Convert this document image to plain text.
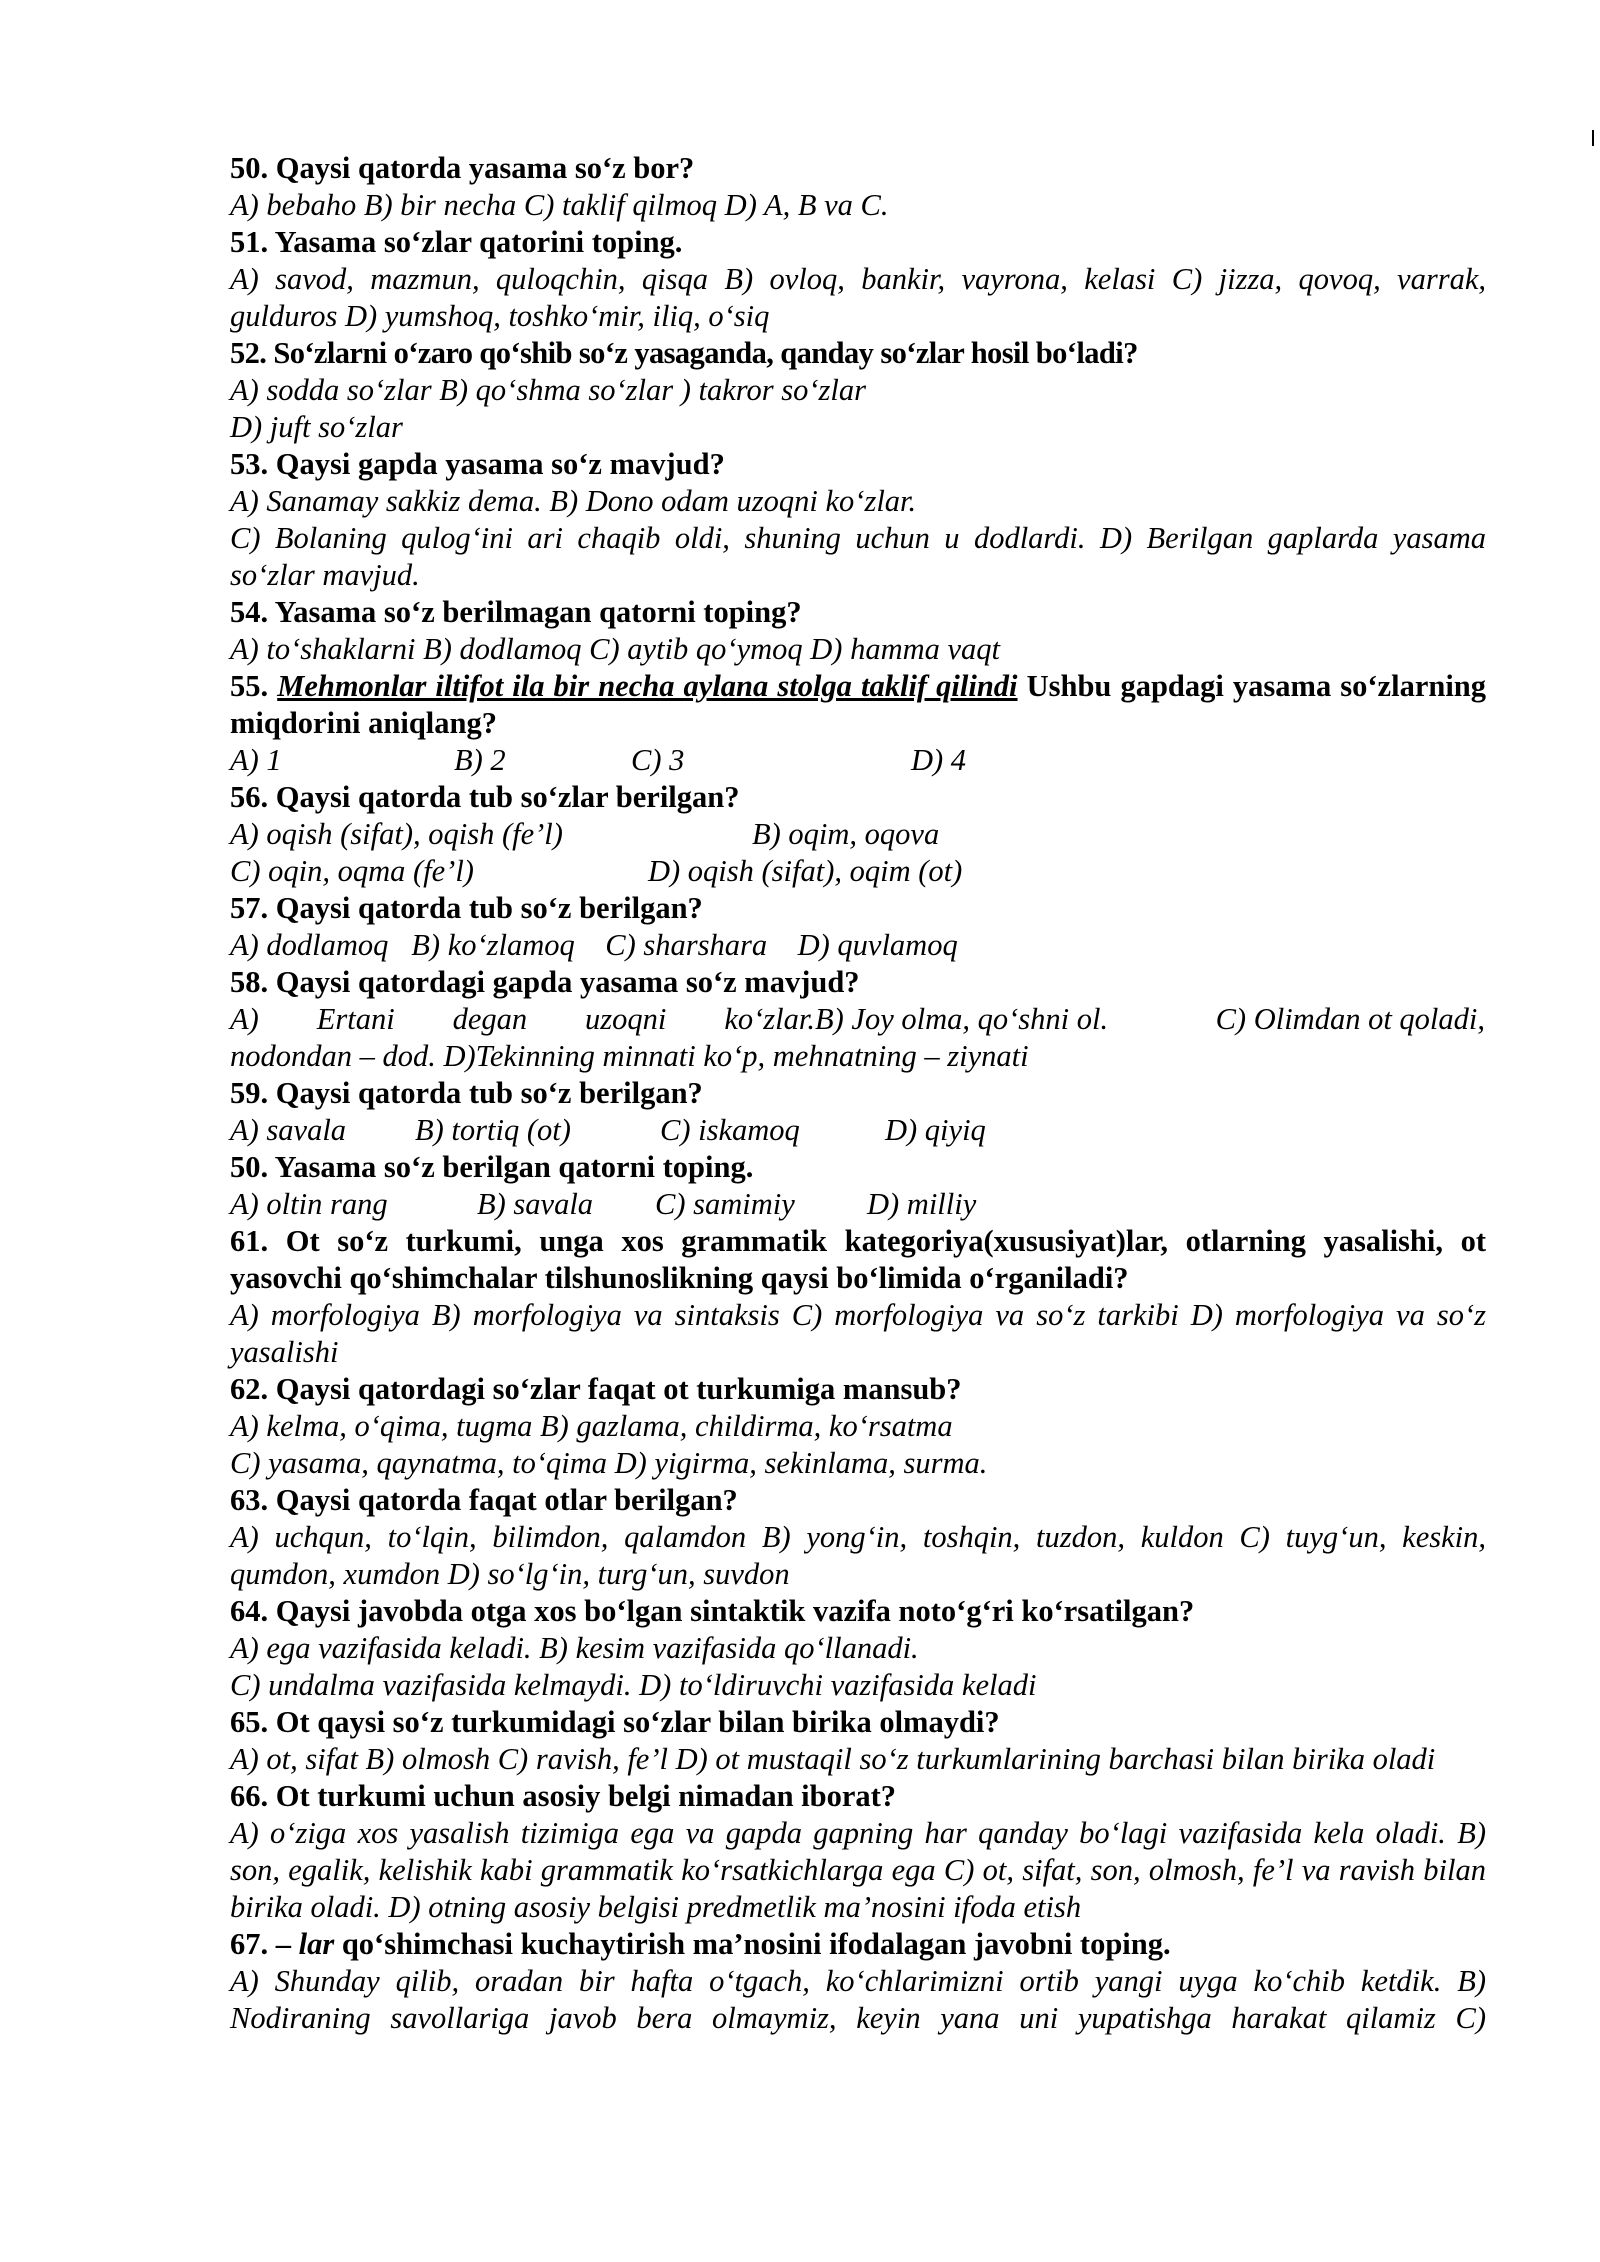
50. Qaysi qatorda yasama so‘z bor?

A) bebaho B) bir necha C) taklif qilmoq D) A, B va C.

51. Yasama so‘zlar qatorini toping.

A) savod, mazmun, quloqchin, qisqa B) ovloq, bankir, vayrona, kelasi C) jizza, qovoq, varrak, gulduros D) yumshoq, toshko‘mir, iliq, o‘siq

52. So‘zlarni o‘zaro qo‘shib so‘z yasaganda, qanday so‘zlar hosil bo‘ladi?

A) sodda so‘zlar B) qo‘shma so‘zlar ) takror so‘zlar

D) juft so‘zlar

53. Qaysi gapda yasama so‘z mavjud?

A) Sanamay sakkiz dema. B) Dono odam uzoqni ko‘zlar.

C) Bolaning qulog‘ini ari chaqib oldi, shuning uchun u dodlardi. D) Berilgan gaplarda yasama so‘zlar mavjud.

54. Yasama so‘z berilmagan qatorni toping?

A) to‘shaklarni B) dodlamoq C) aytib qo‘ymoq D) hamma vaqt

55. Mehmonlar iltifot ila bir necha aylana stolga taklif qilindi Ushbu gapdagi yasama so‘zlarning miqdorini aniqlang?

A) 1	B) 2	C) 3	D) 4

56. Qaysi qatorda tub so‘zlar berilgan?

A) oqish (sifat), oqish (fe’l)	B) oqim, oqova

C) oqin, oqma (fe’l)	D) oqish (sifat), oqim (ot)

57. Qaysi qatorda tub so‘z berilgan?

A) dodlamoq   B) ko‘zlamoq    C) sharshara    D) quvlamoq

58. Qaysi qatordagi gapda yasama so‘z mavjud?

A) Ertani degan uzoqni ko‘zlar.B) Joy olma, qo‘shni ol.	C) Olimdan ot qoladi,

nodondan – dod. D)Tekinning minnati ko‘p, mehnatning – ziynati

59. Qaysi qatorda tub so‘z berilgan?

A) savala B) tortiq (ot)	C) iskamoq	D) qiyiq

50. Yasama so‘z berilgan qatorni toping.

A) oltin rang	B) savala C) samimiy D) milliy

61. Ot so‘z turkumi, unga xos grammatik kategoriya(xususiyat)lar, otlarning yasalishi, ot yasovchi qo‘shimchalar tilshunoslikning qaysi bo‘limida o‘rganiladi?

A) morfologiya B) morfologiya va sintaksis C) morfologiya va so‘z tarkibi D) morfologiya va so‘z yasalishi

62. Qaysi qatordagi so‘zlar faqat ot turkumiga mansub?

A) kelma, o‘qima, tugma B) gazlama, childirma, ko‘rsatma

C) yasama, qaynatma, to‘qima D) yigirma, sekinlama, surma.

63. Qaysi qatorda faqat otlar berilgan?

A) uchqun, to‘lqin, bilimdon, qalamdon B) yong‘in, toshqin, tuzdon, kuldon C) tuyg‘un, keskin, qumdon, xumdon D) so‘lg‘in, turg‘un, suvdon

64. Qaysi javobda otga xos bo‘lgan sintaktik vazifa noto‘g‘ri ko‘rsatilgan?

A) ega vazifasida keladi. B) kesim vazifasida qo‘llanadi.

C) undalma vazifasida kelmaydi. D) to‘ldiruvchi vazifasida keladi

65. Ot qaysi so‘z turkumidagi so‘zlar bilan birika olmaydi?

A) ot, sifat B) olmosh C) ravish, fe’l D) ot mustaqil so‘z turkumlarining barchasi bilan birika oladi

66. Ot turkumi uchun asosiy belgi nimadan iborat?

A) o‘ziga xos yasalish tizimiga ega va gapda gapning har qanday bo‘lagi vazifasida kela oladi. B) son, egalik, kelishik kabi grammatik ko‘rsatkichlarga ega C) ot, sifat, son, olmosh, fe’l va ravish bilan birika oladi. D) otning asosiy belgisi predmetlik ma’nosini ifoda etish

67. – lar qo‘shimchasi kuchaytirish ma’nosini ifodalagan javobni toping.

A) Shunday qilib, oradan bir hafta o‘tgach, ko‘chlarimizni ortib yangi uyga ko‘chib ketdik. B) Nodiraning savollariga javob bera olmaymiz, keyin yana uni yupatishga harakat qilamiz C)
